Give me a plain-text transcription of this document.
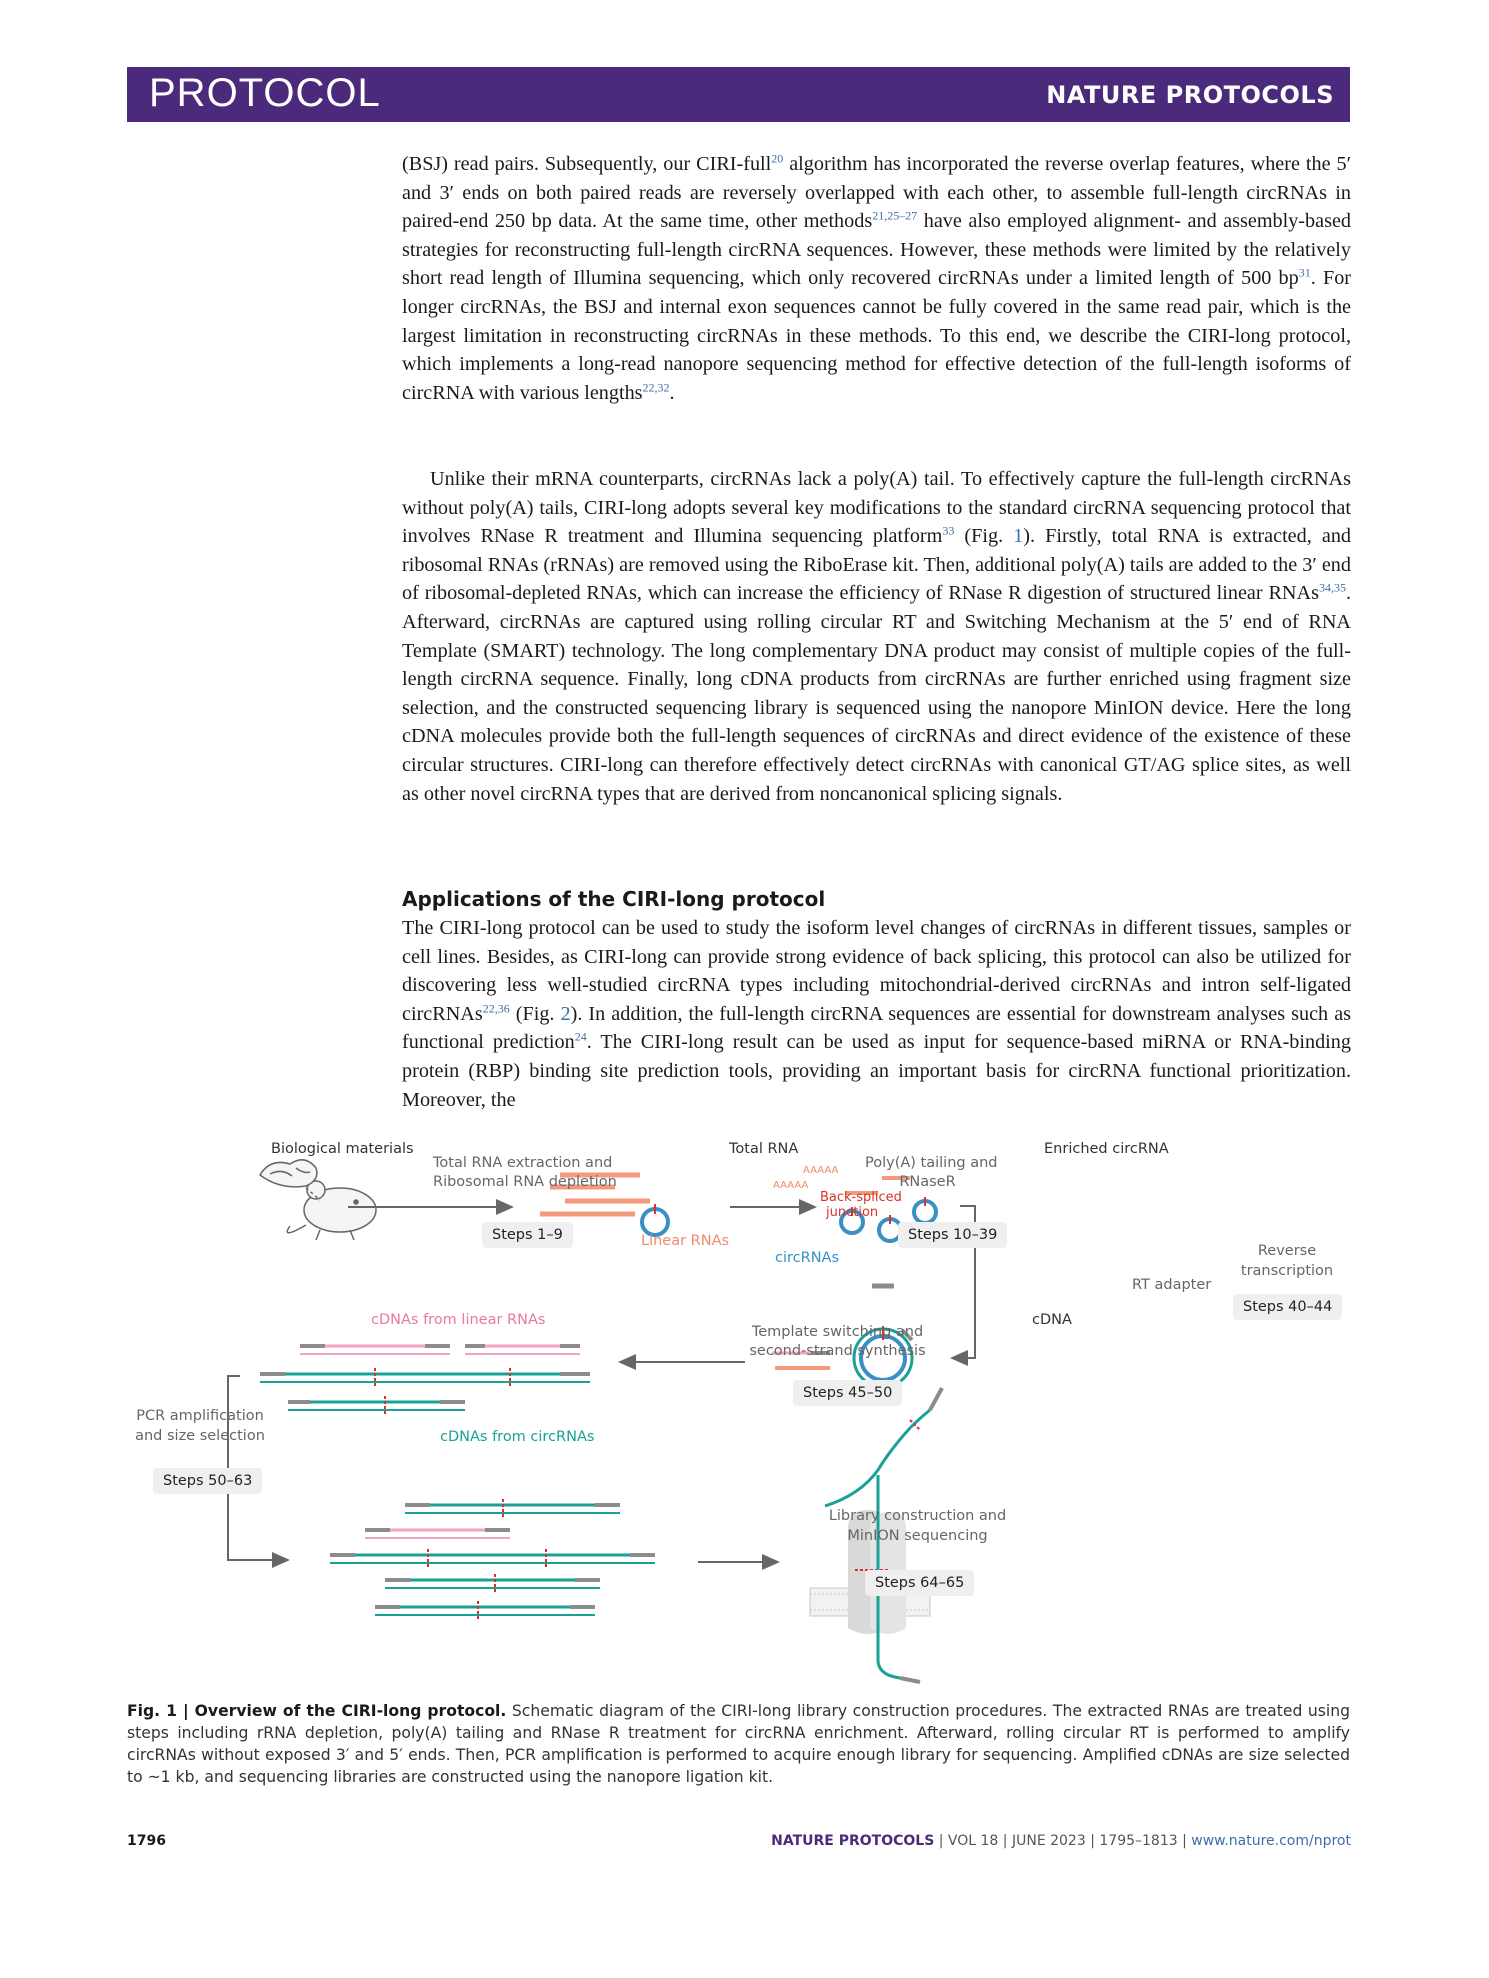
PROTOCOL	NATURE PROTOCOLS

(BSJ) read pairs. Subsequently, our CIRI-full$^{20}$ algorithm has incorporated the reverse overlap features, where the 5′ and 3′ ends on both paired reads are reversely overlapped with each other, to assemble full-length circRNAs in paired-end 250 bp data. At the same time, other methods$^{21,25-27}$ have also employed alignment- and assembly-based strategies for reconstructing full-length circRNA sequences. However, these methods were limited by the relatively short read length of Illumina sequencing, which only recovered circRNAs under a limited length of 500 $bp^{31}$. For longer circRNAs, the BSJ and internal exon sequences cannot be fully covered in the same read pair, which is the largest limitation in reconstructing circRNAs in these methods. To this end, we describe the CIRI-long protocol, which implements a long-read nanopore sequencing method for effective detection of the full-length isoforms of circRNA with various lengths$^{22,32}$.

Unlike their mRNA counterparts, circRNAs lack a poly(A) tail. To effectively capture the full-length circRNAs without poly(A) tails, CIRI-long adopts several key modifications to the standard circRNA sequencing protocol that involves RNase R treatment and Illumina sequencing platform$^{33}$ (Fig. 1). Firstly, total RNA is extracted, and ribosomal RNAs (rRNAs) are removed using the RiboErase kit. Then, additional poly(A) tails are added to the 3′ end of ribosomal-depleted RNAs, which can increase the efficiency of RNase R digestion of structured linear RNAs$^{34,35}$. Afterward, circRNAs are captured using rolling circular RT and Switching Mechanism at the 5′ end of RNA Template (SMART) technology. The long complementary DNA product may consist of multiple copies of the full-length circRNA sequence. Finally, long cDNA products from circRNAs are further enriched using fragment size selection, and the constructed sequencing library is sequenced using the nanopore MinION device. Here the long cDNA molecules provide both the full-length sequences of circRNAs and direct evidence of the existence of these circular structures. CIRI-long can therefore effectively detect circRNAs with canonical GT/AG splice sites, as well as other novel circRNA types that are derived from noncanonical splicing signals.

Applications of the CIRI-long protocol

The CIRI-long protocol can be used to study the isoform level changes of circRNAs in different tissues, samples or cell lines. Besides, as CIRI-long can provide strong evidence of back splicing, this protocol can also be utilized for discovering less well-studied circRNA types including mitochondrial-derived circRNAs and intron self-ligated circRNAs$^{22,36}$ (Fig. 2). In addition, the full-length circRNA sequences are essential for downstream analyses such as functional prediction$^{24}$. The CIRI-long result can be used as input for sequence-based miRNA or RNA-binding protein (RBP) binding site prediction tools, providing an important basis for circRNA functional prioritization. Moreover, the

Biological materials
Total RNA extraction and
Ribosomal RNA depletion
Steps 1–9
Total RNA
AAAAA
AAAAA
Back-spliced
junction
Linear RNAs
circRNAs
Poly(A) tailing and
RNaseR
Steps 10–39
Enriched circRNA
Reverse
transcription
RT adapter
Steps 40–44
cDNA
Template switching and
second-strand synthesis
Steps 45–50
cDNAs from linear RNAs
cDNAs from circRNAs
PCR amplification
and size selection
Steps 50–63
Library construction and
MinION sequencing
Steps 64–65
Fig. 1 | Overview of the CIRI-long protocol. Schematic diagram of the CIRI-long library construction procedures. The extracted RNAs are treated using steps including rRNA depletion, poly(A) tailing and RNase R treatment for circRNA enrichment. Afterward, rolling circular RT is performed to amplify circRNAs without exposed 3′ and 5′ ends. Then, PCR amplification is performed to acquire enough library for sequencing. Amplified cDNAs are size selected to ~1 kb, and sequencing libraries are constructed using the nanopore ligation kit.
1796	NATURE PROTOCOLS | VOL 18 | JUNE 2023 | 1795–1813 | www.nature.com/nprot
